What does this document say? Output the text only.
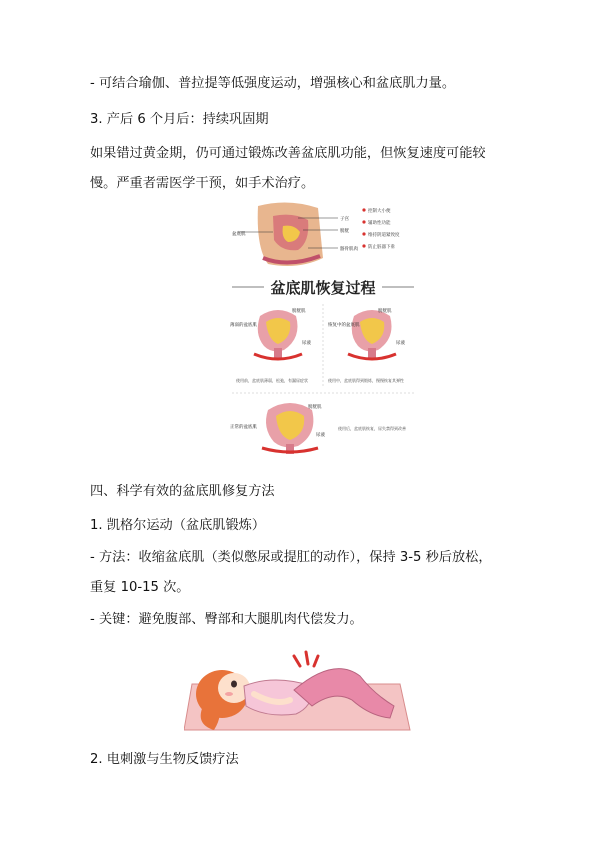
- 可结合瑜伽、普拉提等低强度运动，增强核心和盆底肌力量。
3. 产后 6 个月后：持续巩固期
如果错过黄金期，仍可通过锻炼改善盆底肌功能，但恢复速度可能较
慢。严重者需医学干预，如手术治疗。
盆底肌
子宫
膀胱
髂骨肌肉
控制大小便
辅助性功能
维持阴道紧致度
防止脏器下垂
盆底肌恢复过程
膀胱肌
薄弱的盆底肌
尿液
使用前，盆底肌薄弱，松弛，有漏尿症状
膀胱肌
恢复中的盆底肌
尿液
使用中，盆底肌得到锻炼，慢慢恢复其弹性
膀胱肌
正常的盆底肌
尿液
使用后，盆底肌恢复，尿失禁得到改善
四、科学有效的盆底肌修复方法
1. 凯格尔运动（盆底肌锻炼）
- 方法：收缩盆底肌（类似憋尿或提肛的动作），保持 3-5 秒后放松，
重复 10-15 次。
- 关键：避免腹部、臀部和大腿肌肉代偿发力。
2. 电刺激与生物反馈疗法
